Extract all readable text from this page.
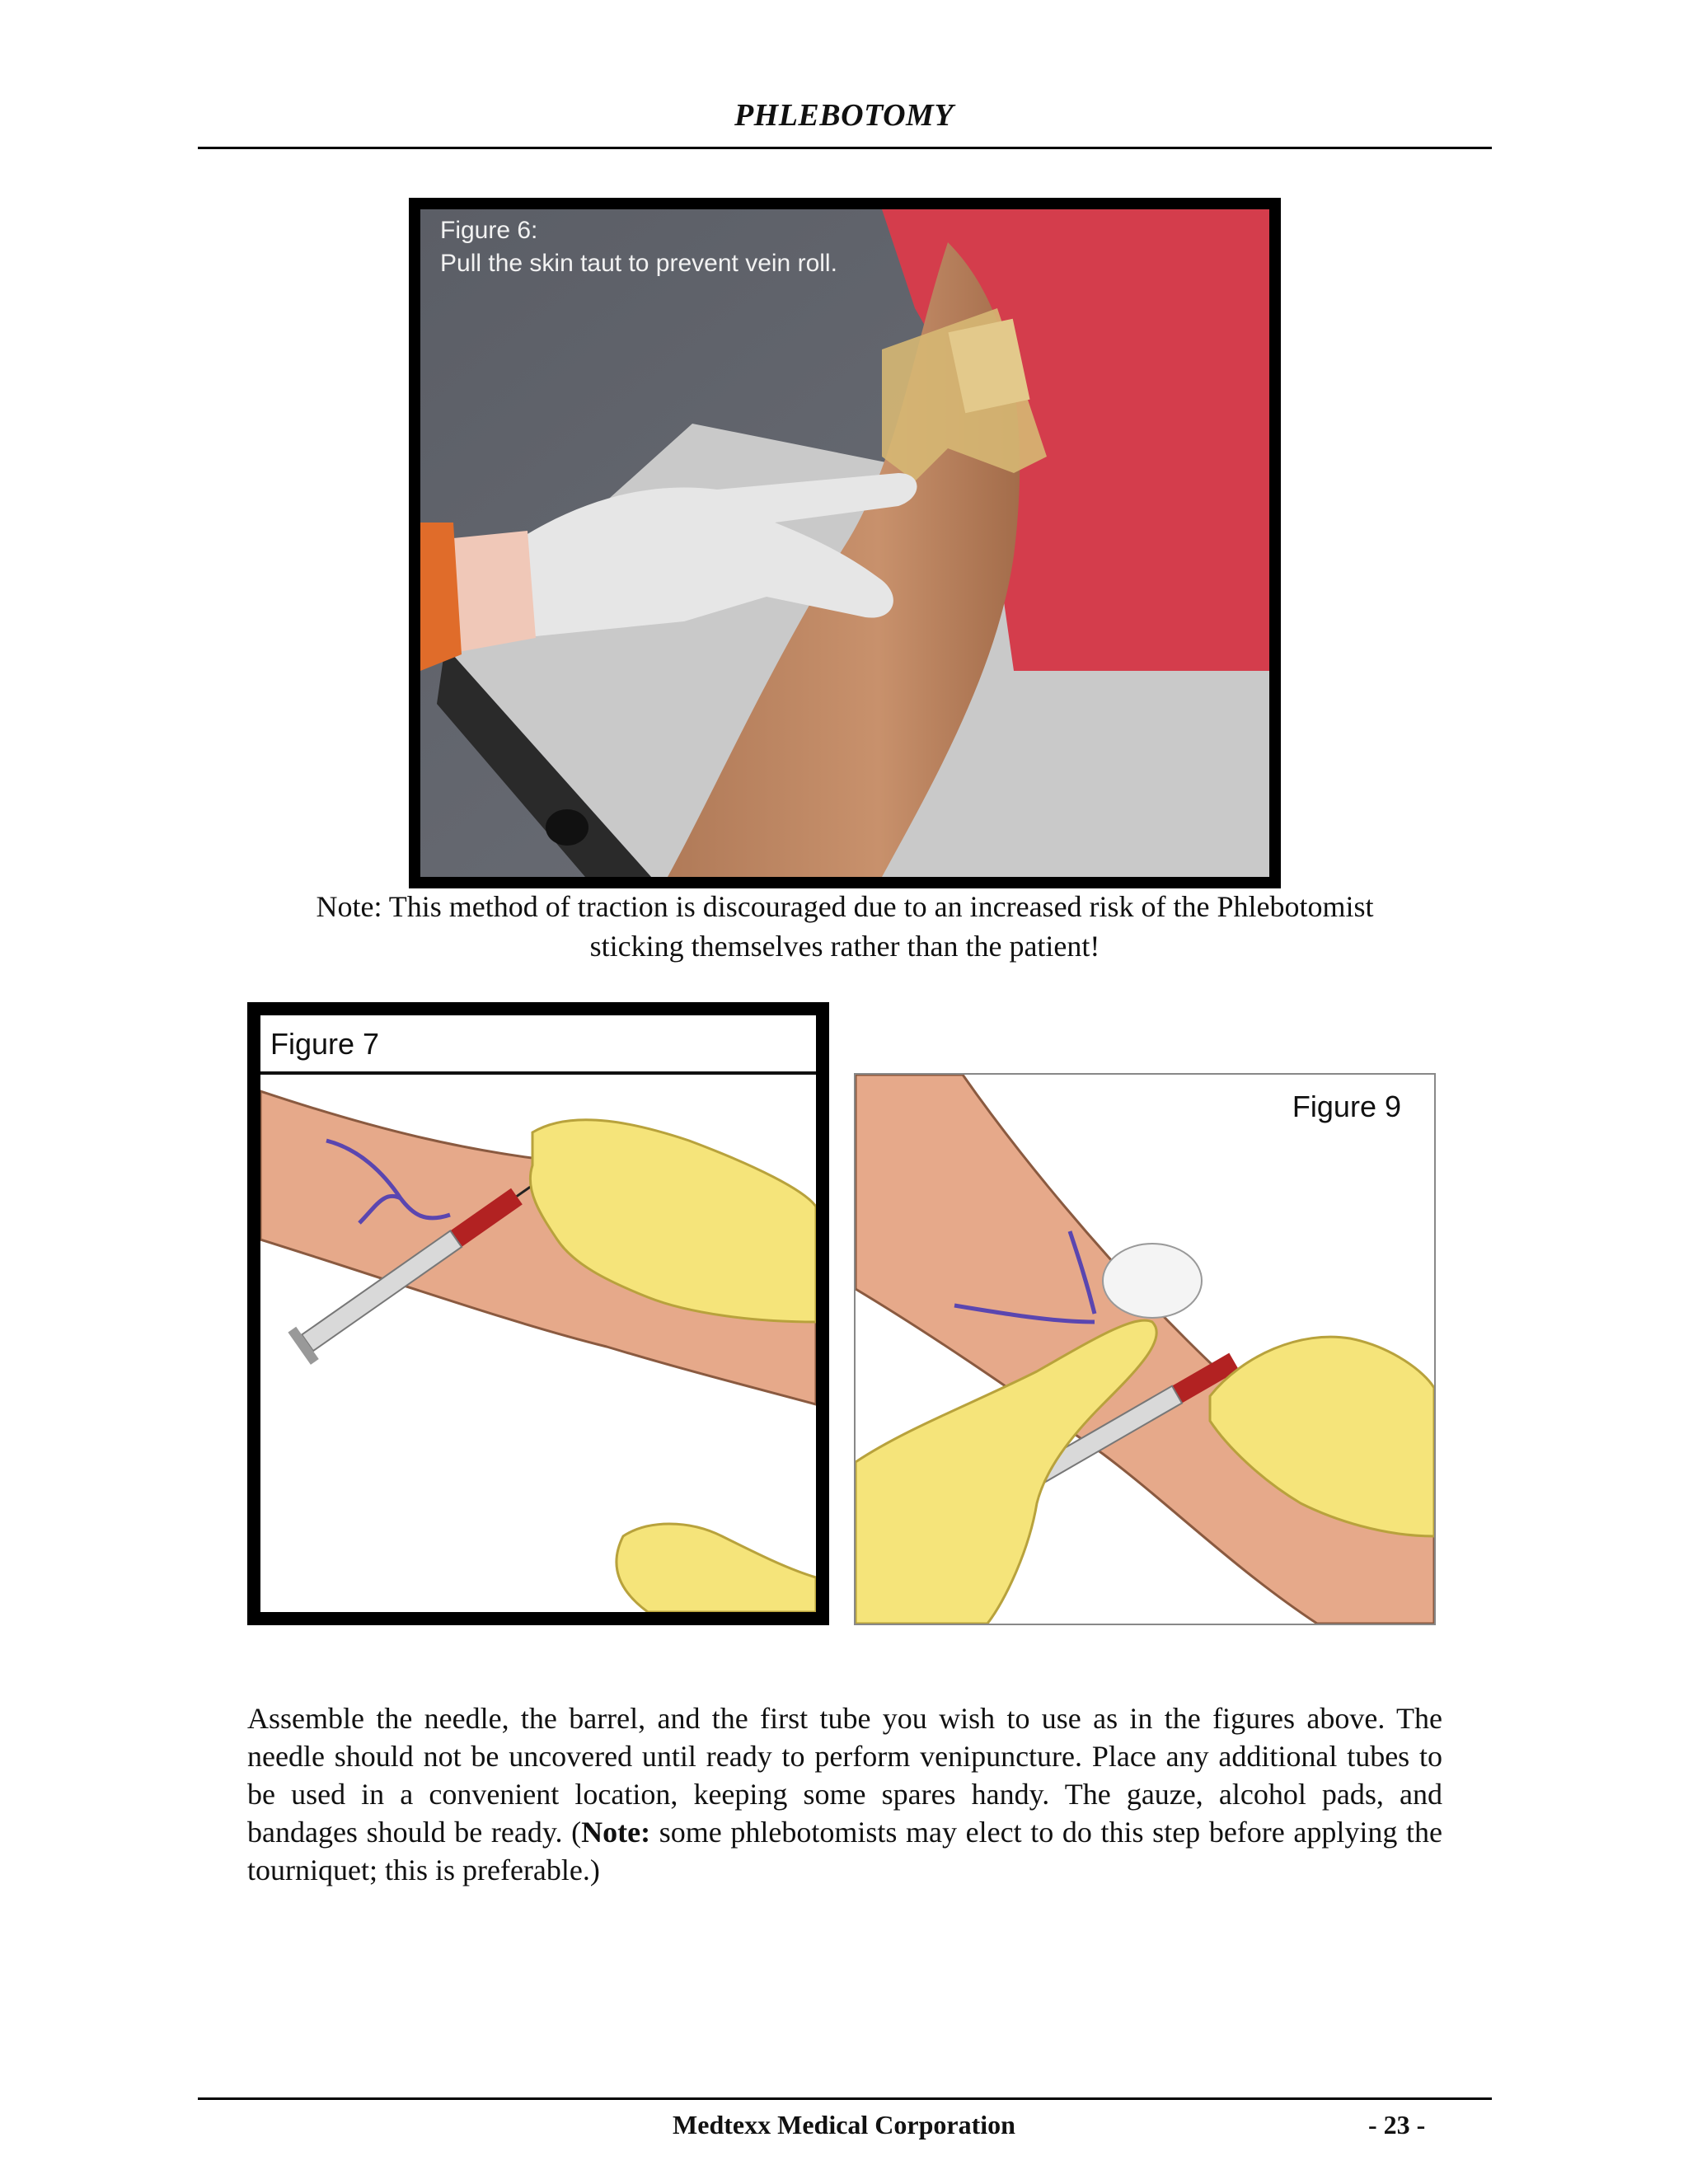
PHLEBOTOMY
Figure 6:
Pull the skin taut to prevent vein roll.
Note: This method of traction is discouraged due to an increased risk of the Phlebotomist
sticking themselves rather than the patient!
Figure 7
Figure 9
Assemble the needle, the barrel, and the first tube you wish to use as in the figures above. The needle should not be uncovered until ready to perform venipuncture. Place any additional tubes to be used in a convenient location, keeping some spares handy. The gauze, alcohol pads, and bandages should be ready. (Note: some phlebotomists may elect to do this step before applying the tourniquet; this is preferable.)
Medtexx Medical Corporation	- 23 -
